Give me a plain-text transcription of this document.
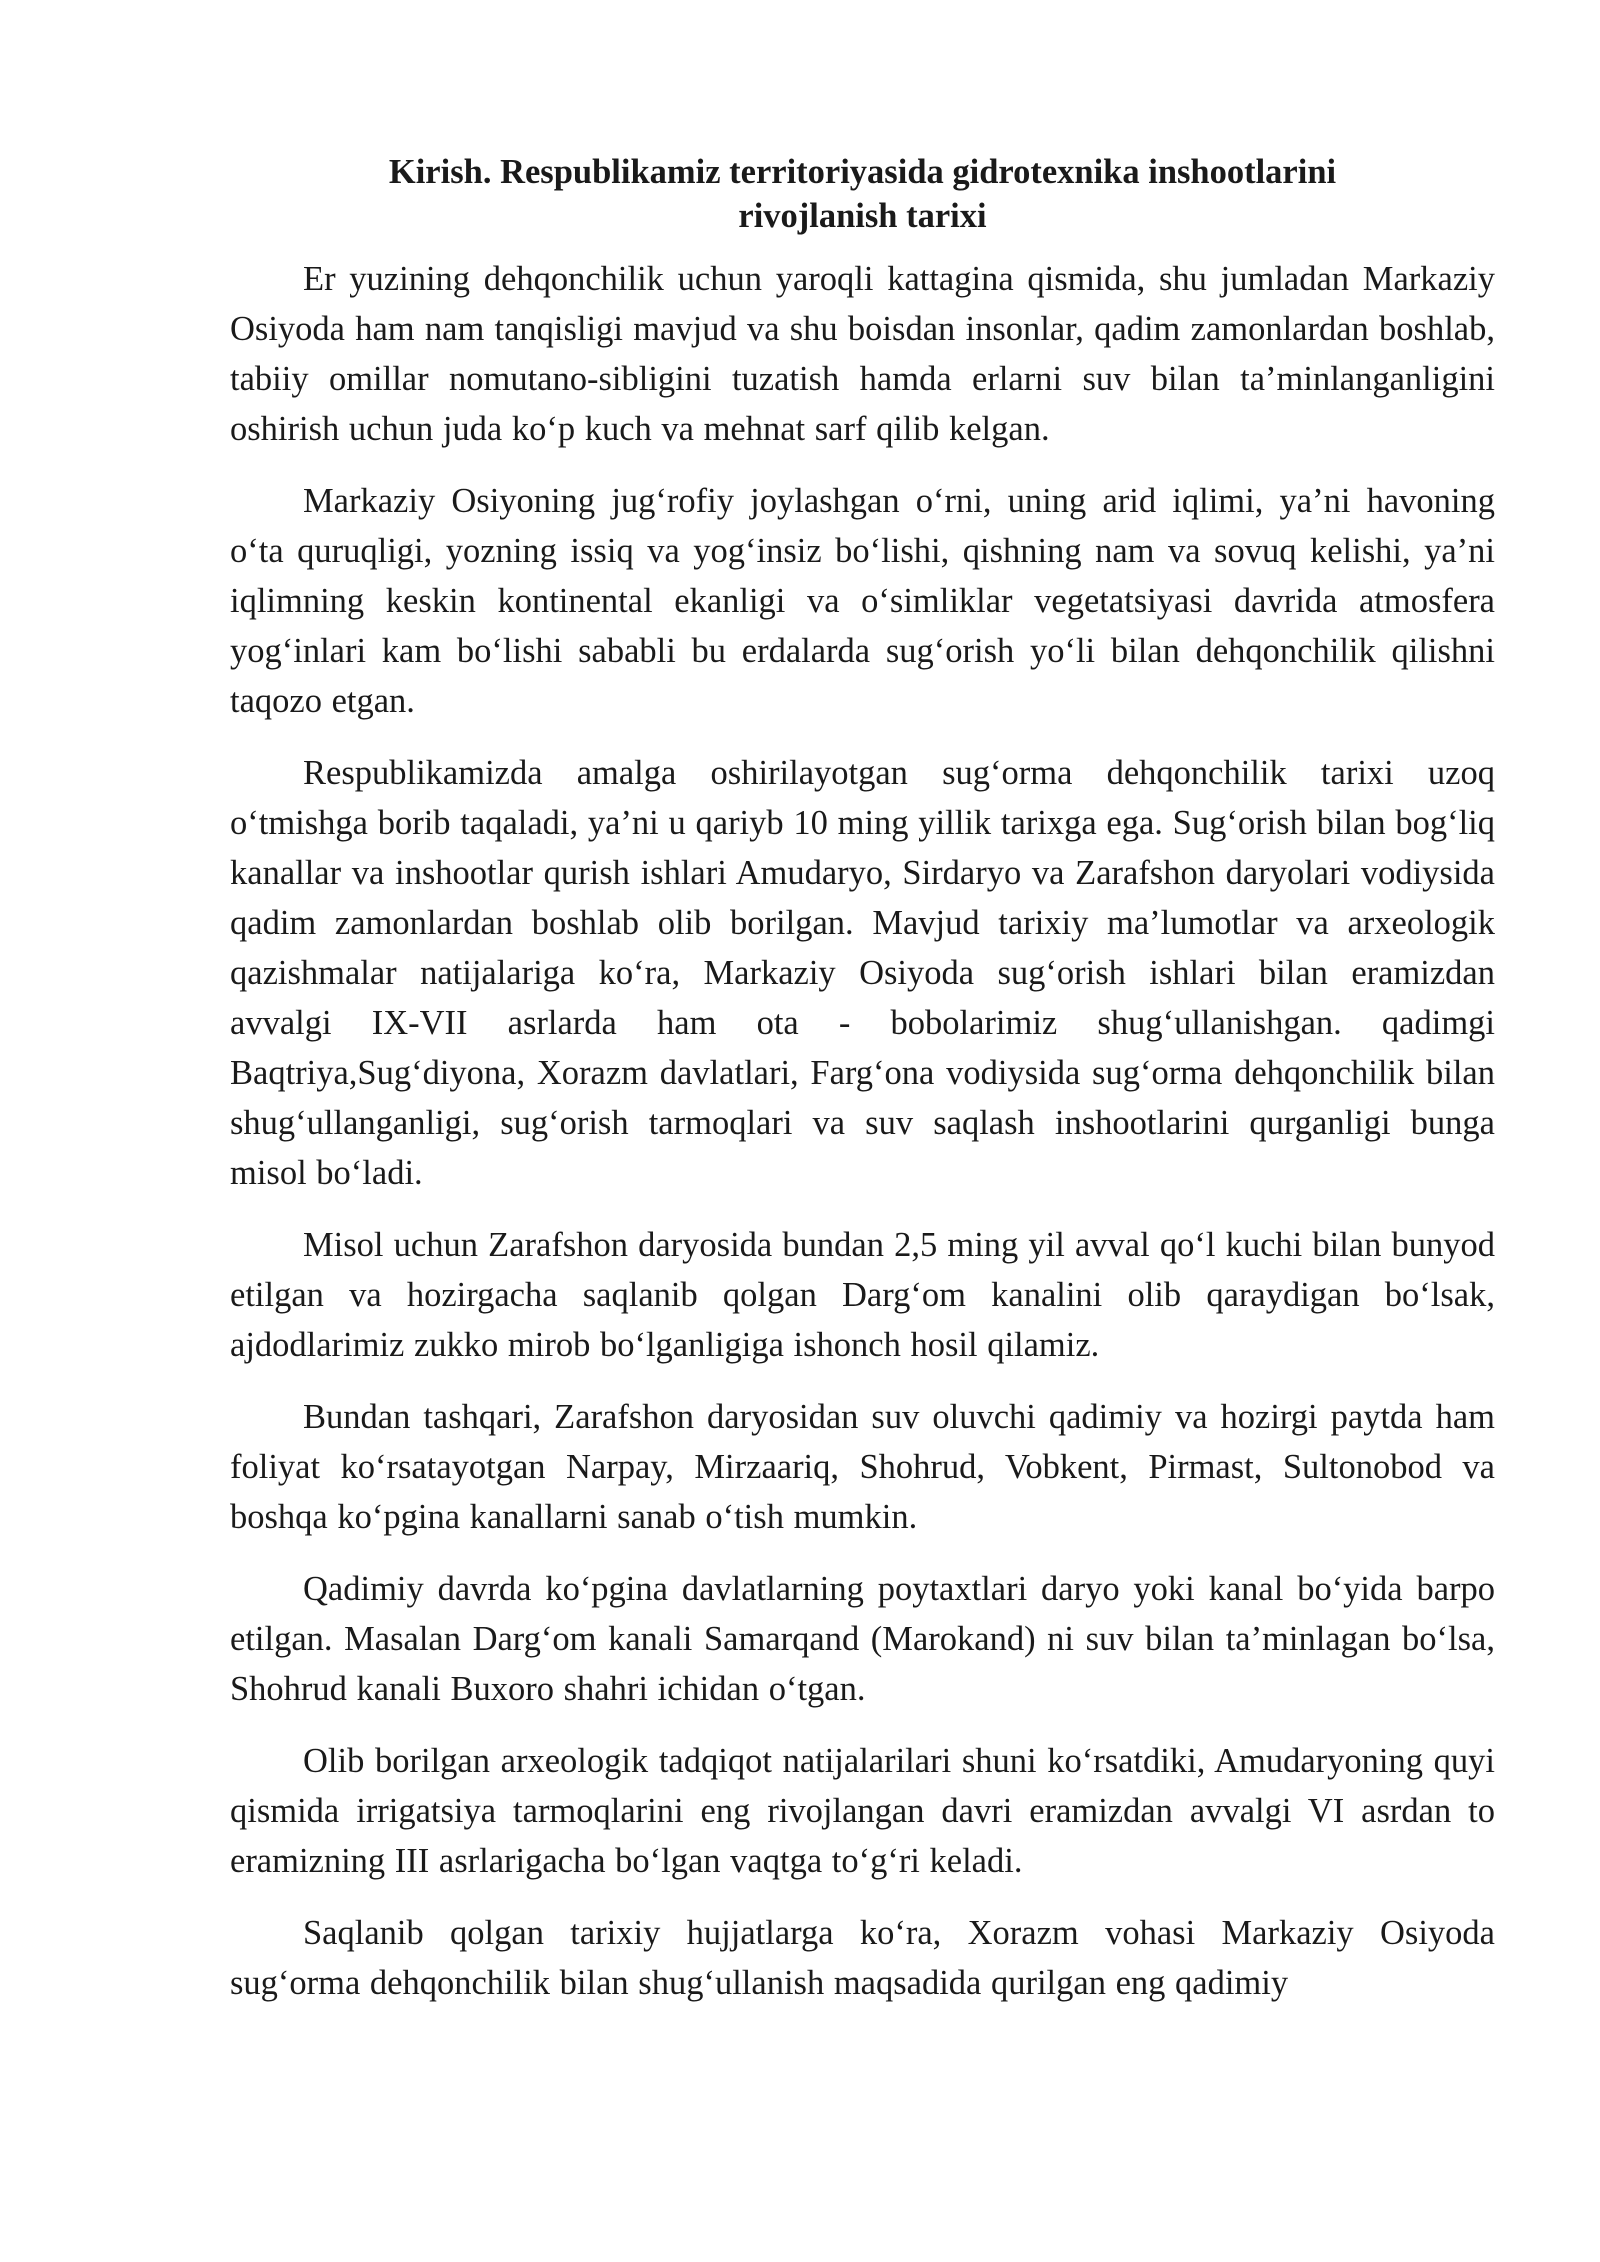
Kirish. Respublikamiz territoriyasida gidrotexnika inshootlarini
rivojlanish tarixi

Er yuzining dehqonchilik uchun yaroqli kattagina qismida, shu jumladan Markaziy Osiyoda ham nam tanqisligi mavjud va shu boisdan insonlar, qadim zamonlardan boshlab, tabiiy omillar nomutano-sibligini tuzatish hamda erlarni suv bilan ta’minlanganligini oshirish uchun juda ko‘p kuch va mehnat sarf qilib kelgan.

Markaziy Osiyoning jug‘rofiy joylashgan o‘rni, uning arid iqlimi, ya’ni havoning o‘ta quruqligi, yozning issiq va yog‘insiz bo‘lishi, qishning nam va sovuq kelishi, ya’ni iqlimning keskin kontinental ekanligi va o‘simliklar vegetatsiyasi davrida atmosfera yog‘inlari kam bo‘lishi sababli bu erdalarda sug‘orish yo‘li bilan dehqonchilik qilishni taqozo etgan.

Respublikamizda amalga oshirilayotgan sug‘orma dehqonchilik tarixi uzoq o‘tmishga borib taqaladi, ya’ni u qariyb 10 ming yillik tarixga ega. Sug‘orish bilan bog‘liq kanallar va inshootlar qurish ishlari Amudaryo, Sirdaryo va Zarafshon daryolari vodiysida qadim zamonlardan boshlab olib borilgan. Mavjud tarixiy ma’lumotlar va arxeologik qazishmalar natijalariga ko‘ra, Markaziy Osiyoda sug‘orish ishlari bilan eramizdan avvalgi IX-VII asrlarda ham ota - bobolarimiz shug‘ullanishgan. qadimgi Baqtriya,Sug‘diyona, Xorazm davlatlari, Farg‘ona vodiysida sug‘orma dehqonchilik bilan shug‘ullanganligi, sug‘orish tarmoqlari va suv saqlash inshootlarini qurganligi bunga misol bo‘ladi.

Misol uchun Zarafshon daryosida bundan 2,5 ming yil avval qo‘l kuchi bilan bunyod etilgan va hozirgacha saqlanib qolgan Darg‘om kanalini olib qaraydigan bo‘lsak, ajdodlarimiz zukko mirob bo‘lganligiga ishonch hosil qilamiz.

Bundan tashqari, Zarafshon daryosidan suv oluvchi qadimiy va hozirgi paytda ham foliyat ko‘rsatayotgan Narpay, Mirzaariq, Shohrud, Vobkent, Pirmast, Sultonobod va boshqa ko‘pgina kanallarni sanab o‘tish mumkin.

Qadimiy davrda ko‘pgina davlatlarning poytaxtlari daryo yoki kanal bo‘yida barpo etilgan. Masalan Darg‘om kanali Samarqand (Marokand) ni suv bilan ta’minlagan bo‘lsa, Shohrud kanali Buxoro shahri ichidan o‘tgan.

Olib borilgan arxeologik tadqiqot natijalarilari shuni ko‘rsatdiki, Amudaryoning quyi qismida irrigatsiya tarmoqlarini eng rivojlangan davri eramizdan avvalgi VI asrdan to eramizning III asrlarigacha bo‘lgan vaqtga to‘g‘ri keladi.

Saqlanib qolgan tarixiy hujjatlarga ko‘ra, Xorazm vohasi Markaziy Osiyoda sug‘orma dehqonchilik bilan shug‘ullanish maqsadida qurilgan eng qadimiy
